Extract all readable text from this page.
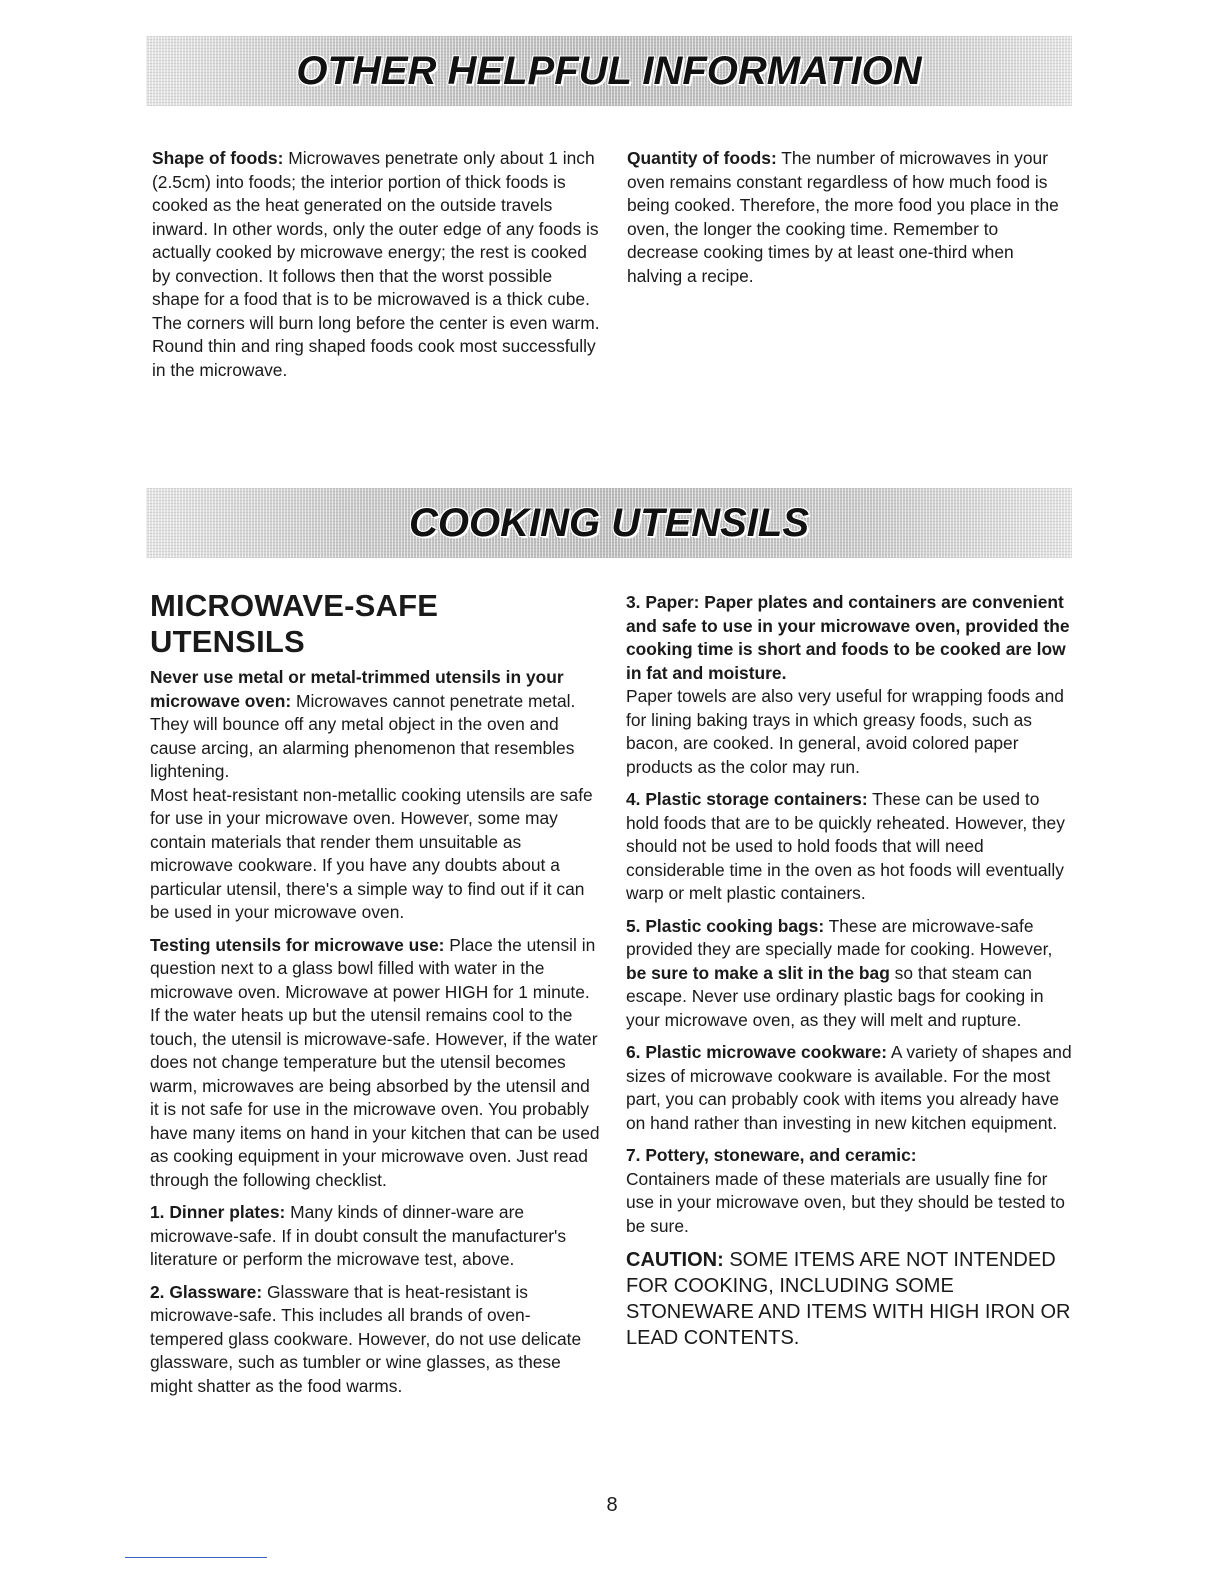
OTHER HELPFUL INFORMATION

Shape of foods: Microwaves penetrate only about 1 inch (2.5cm) into foods; the interior portion of thick foods is cooked as the heat generated on the outside travels inward. In other words, only the outer edge of any foods is actually cooked by microwave energy; the rest is cooked by convection. It follows then that the worst possible shape for a food that is to be microwaved is a thick cube. The corners will burn long before the center is even warm. Round thin and ring shaped foods cook most successfully in the microwave.

Quantity of foods: The number of microwaves in your oven remains constant regardless of how much food is being cooked. Therefore, the more food you place in the oven, the longer the cooking time. Remember to decrease cooking times by at least one-third when halving a recipe.

COOKING UTENSILS
MICROWAVE-SAFE UTENSILS

Never use metal or metal-trimmed utensils in your microwave oven: Microwaves cannot penetrate metal. They will bounce off any metal object in the oven and cause arcing, an alarming phenomenon that resembles lightening.

Most heat-resistant non-metallic cooking utensils are safe for use in your microwave oven. However, some may contain materials that render them unsuitable as microwave cookware. If you have any doubts about a particular utensil, there's a simple way to find out if it can be used in your microwave oven.

Testing utensils for microwave use: Place the utensil in question next to a glass bowl filled with water in the microwave oven. Microwave at power HIGH for 1 minute. If the water heats up but the utensil remains cool to the touch, the utensil is microwave-safe. However, if the water does not change temperature but the utensil becomes warm, microwaves are being absorbed by the utensil and it is not safe for use in the microwave oven. You probably have many items on hand in your kitchen that can be used as cooking equipment in your microwave oven. Just read through the following checklist.

1. Dinner plates: Many kinds of dinner-ware are microwave-safe. If in doubt consult the manufacturer's literature or perform the microwave test, above.

2. Glassware: Glassware that is heat-resistant is microwave-safe. This includes all brands of oven-tempered glass cookware. However, do not use delicate glassware, such as tumbler or wine glasses, as these might shatter as the food warms.

3. Paper: Paper plates and containers are convenient and safe to use in your microwave oven, provided the cooking time is short and foods to be cooked are low in fat and moisture.

Paper towels are also very useful for wrapping foods and for lining baking trays in which greasy foods, such as bacon, are cooked. In general, avoid colored paper products as the color may run.

4. Plastic storage containers: These can be used to hold foods that are to be quickly reheated. However, they should not be used to hold foods that will need considerable time in the oven as hot foods will eventually warp or melt plastic containers.

5. Plastic cooking bags: These are microwave-safe provided they are specially made for cooking. However, be sure to make a slit in the bag so that steam can escape. Never use ordinary plastic bags for cooking in your microwave oven, as they will melt and rupture.

6. Plastic microwave cookware: A variety of shapes and sizes of microwave cookware is available. For the most part, you can probably cook with items you already have on hand rather than investing in new kitchen equipment.

7. Pottery, stoneware, and ceramic:

Containers made of these materials are usually fine for use in your microwave oven, but they should be tested to be sure.

CAUTION: SOME ITEMS ARE NOT INTENDED FOR COOKING, INCLUDING SOME STONEWARE AND ITEMS WITH HIGH IRON OR LEAD CONTENTS.

8
